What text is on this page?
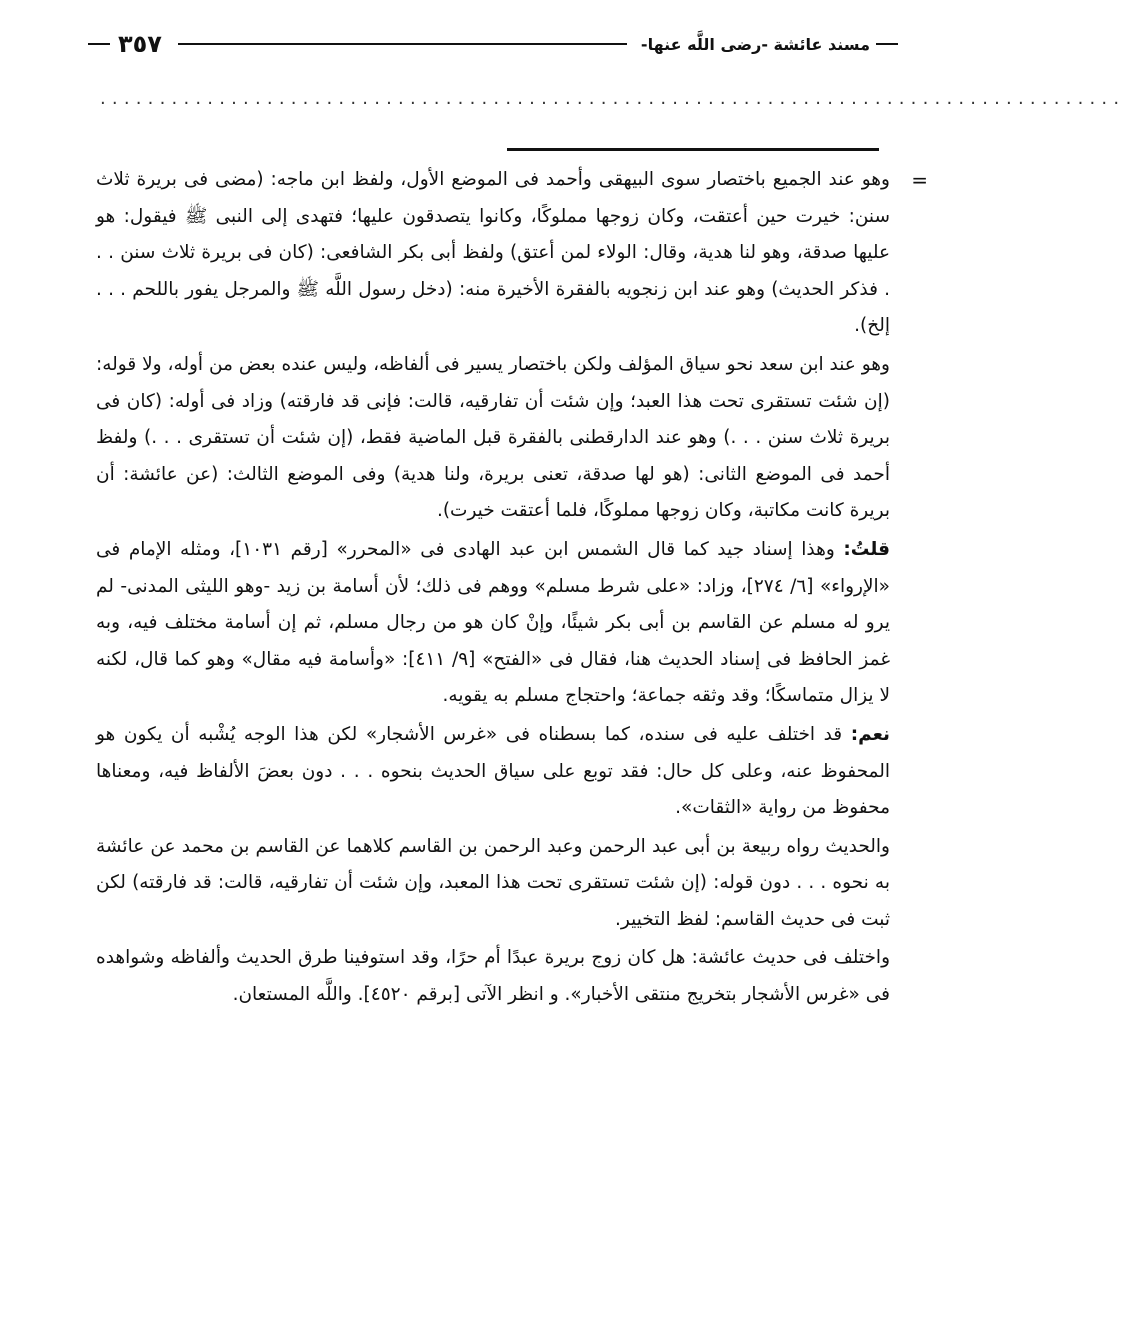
مسند عائشة -رضى اللَّه عنها-
٣٥٧
......................................................................................

=
وهو عند الجميع باختصار سوى البيهقى وأحمد فى الموضع الأول، ولفظ ابن ماجه: (مضى فى بريرة ثلاث سنن: خيرت حين أعتقت، وكان زوجها مملوكًا، وكانوا يتصدقون عليها؛ فتهدى إلى النبى ﷺ فيقول: هو عليها صدقة، وهو لنا هدية، وقال: الولاء لمن أعتق) ولفظ أبى بكر الشافعى: (كان فى بريرة ثلاث سنن . . . فذكر الحديث) وهو عند ابن زنجويه بالفقرة الأخيرة منه: (دخل رسول اللَّه ﷺ والمرجل يفور باللحم . . . إلخ).

وهو عند ابن سعد نحو سياق المؤلف ولكن باختصار يسير فى ألفاظه، وليس عنده بعض من أوله، ولا قوله: (إن شئت تستقرى تحت هذا العبد؛ وإن شئت أن تفارقيه، قالت: فإنى قد فارقته) وزاد فى أوله: (كان فى بريرة ثلاث سنن . . .) وهو عند الدارقطنى بالفقرة قبل الماضية فقط، (إن شئت أن تستقرى . . .) ولفظ أحمد فى الموضع الثانى: (هو لها صدقة، تعنى بريرة، ولنا هدية) وفى الموضع الثالث: (عن عائشة: أن بريرة كانت مكاتبة، وكان زوجها مملوكًا، فلما أعتقت خيرت).

قلتُ: وهذا إسناد جيد كما قال الشمس ابن عبد الهادى فى «المحرر» [رقم ١٠٣١]، ومثله الإمام فى «الإرواء» [٦/ ٢٧٤]، وزاد: «على شرط مسلم» ووهم فى ذلك؛ لأن أسامة بن زيد -وهو الليثى المدنى- لم يرو له مسلم عن القاسم بن أبى بكر شيئًا، وإنْ كان هو من رجال مسلم، ثم إن أسامة مختلف فيه، وبه غمز الحافظ فى إسناد الحديث هنا، فقال فى «الفتح» [٩/ ٤١١]: «وأسامة فيه مقال» وهو كما قال، لكنه لا يزال متماسكًا؛ وقد وثقه جماعة؛ واحتجاج مسلم به يقويه.

نعم: قد اختلف عليه فى سنده، كما بسطناه فى «غرس الأشجار» لكن هذا الوجه يُشْبه أن يكون هو المحفوظ عنه، وعلى كل حال: فقد توبع على سياق الحديث بنحوه . . . دون بعضَ الألفاظ فيه، ومعناها محفوظ من رواية «الثقات».

والحديث رواه ربيعة بن أبى عبد الرحمن وعبد الرحمن بن القاسم كلاهما عن القاسم بن محمد عن عائشة به نحوه . . . دون قوله: (إن شئت تستقرى تحت هذا المعبد، وإن شئت أن تفارقيه، قالت: قد فارقته) لكن ثبت فى حديث القاسم: لفظ التخيير.

واختلف فى حديث عائشة: هل كان زوج بريرة عبدًا أم حرًا، وقد استوفينا طرق الحديث وألفاظه وشواهده فى «غرس الأشجار بتخريج منتقى الأخبار». و انظر الآتى [برقم ٤٥٢٠]. واللَّه المستعان.
